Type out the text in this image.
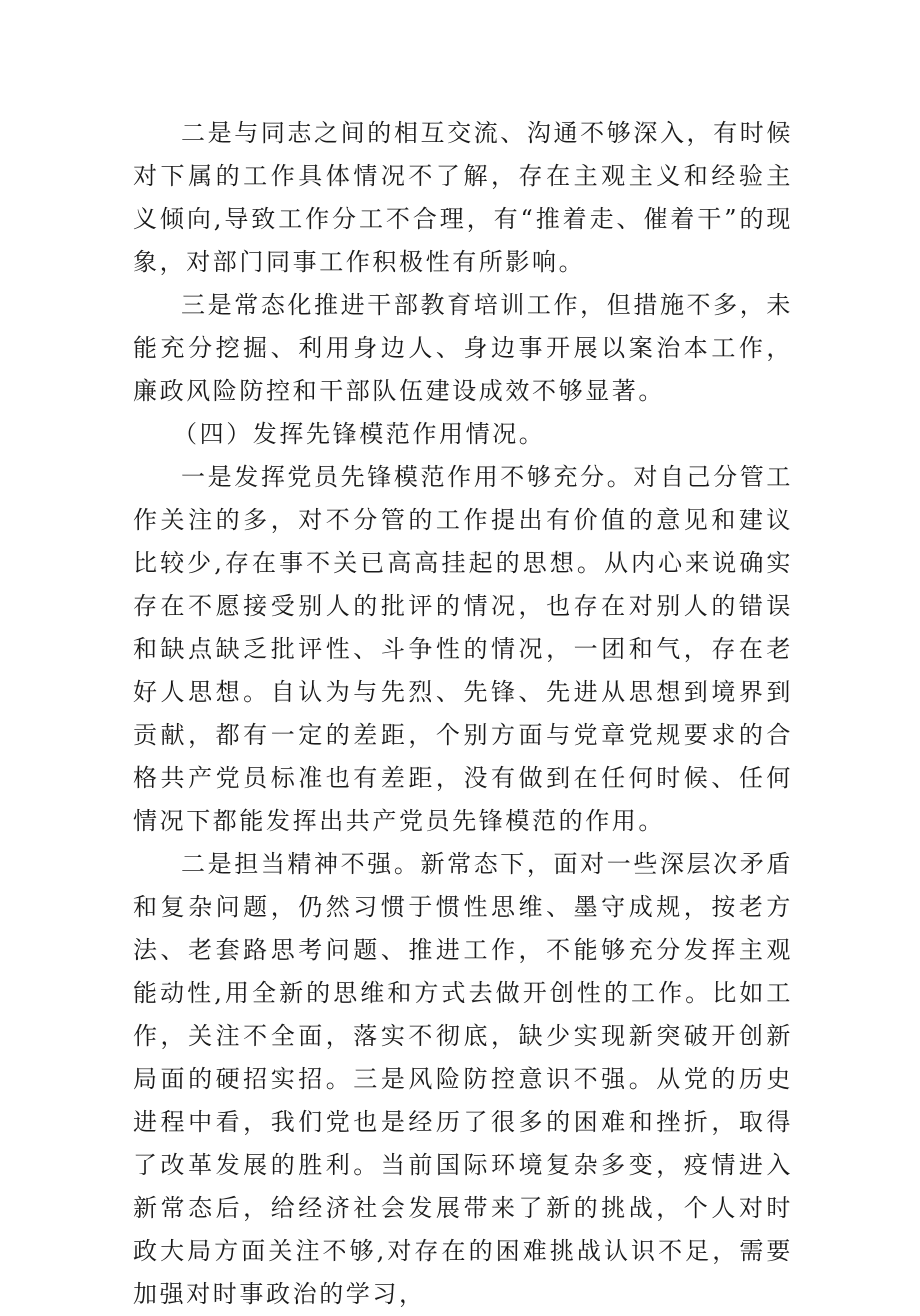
二是与同志之间的相互交流、沟通不够深入，有时候对下属的工作具体情况不了解，存在主观主义和经验主义倾向,导致工作分工不合理，有“推着走、催着干”的现象，对部门同事工作积极性有所影响。

三是常态化推进干部教育培训工作，但措施不多，未能充分挖掘、利用身边人、身边事开展以案治本工作，廉政风险防控和干部队伍建设成效不够显著。

（四）发挥先锋模范作用情况。

一是发挥党员先锋模范作用不够充分。对自己分管工作关注的多，对不分管的工作提出有价值的意见和建议比较少,存在事不关已高高挂起的思想。从内心来说确实存在不愿接受别人的批评的情况，也存在对别人的错误和缺点缺乏批评性、斗争性的情况，一团和气，存在老好人思想。自认为与先烈、先锋、先进从思想到境界到贡献，都有一定的差距，个别方面与党章党规要求的合格共产党员标准也有差距，没有做到在任何时候、任何情况下都能发挥出共产党员先锋模范的作用。

二是担当精神不强。新常态下，面对一些深层次矛盾和复杂问题，仍然习惯于惯性思维、墨守成规，按老方法、老套路思考问题、推进工作，不能够充分发挥主观能动性,用全新的思维和方式去做开创性的工作。比如工作，关注不全面，落实不彻底，缺少实现新突破开创新局面的硬招实招。三是风险防控意识不强。从党的历史进程中看，我们党也是经历了很多的困难和挫折，取得了改革发展的胜利。当前国际环境复杂多变，疫情进入新常态后，给经济社会发展带来了新的挑战，个人对时政大局方面关注不够,对存在的困难挑战认识不足，需要加强对时事政治的学习，
